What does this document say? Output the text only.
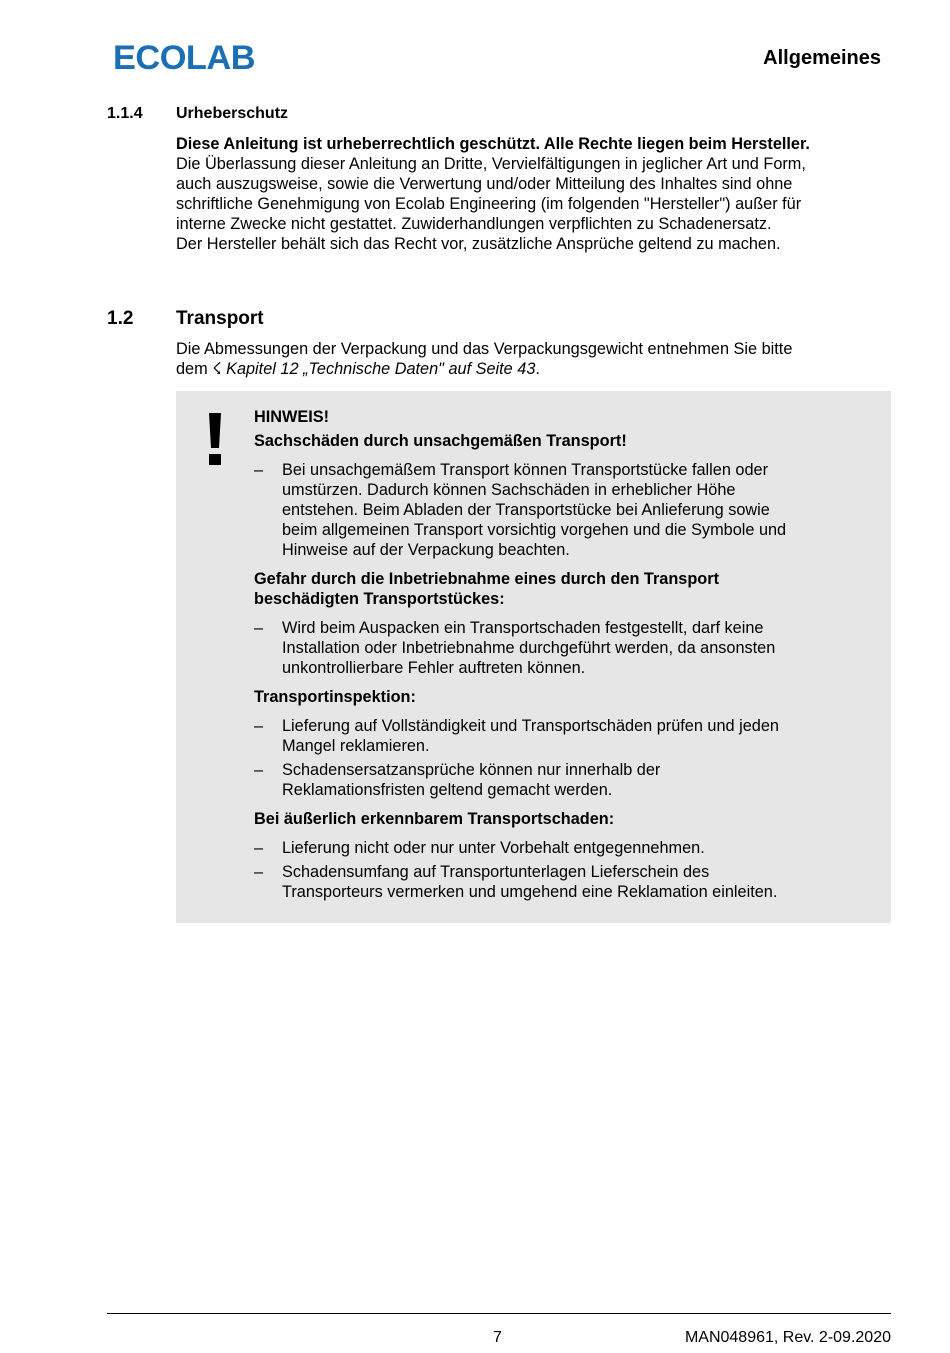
ECOLAB	Allgemeines
1.1.4 Urheberschutz
Diese Anleitung ist urheberrechtlich geschützt. Alle Rechte liegen beim Hersteller.
Die Überlassung dieser Anleitung an Dritte, Vervielfältigungen in jeglicher Art und Form,
auch auszugsweise, sowie die Verwertung und/oder Mitteilung des Inhaltes sind ohne
schriftliche Genehmigung von Ecolab Engineering (im folgenden "Hersteller") außer für
interne Zwecke nicht gestattet. Zuwiderhandlungen verpflichten zu Schadenersatz.
Der Hersteller behält sich das Recht vor, zusätzliche Ansprüche geltend zu machen.
1.2 Transport
Die Abmessungen der Verpackung und das Verpackungsgewicht entnehmen Sie bitte
dem ☇ Kapitel 12 „Technische Daten" auf Seite 43.
HINWEIS!
Sachschäden durch unsachgemäßen Transport!
– Bei unsachgemäßem Transport können Transportstücke fallen oder
umstürzen. Dadurch können Sachschäden in erheblicher Höhe
entstehen. Beim Abladen der Transportstücke bei Anlieferung sowie
beim allgemeinen Transport vorsichtig vorgehen und die Symbole und
Hinweise auf der Verpackung beachten.
Gefahr durch die Inbetriebnahme eines durch den Transport
beschädigten Transportstückes:
– Wird beim Auspacken ein Transportschaden festgestellt, darf keine
Installation oder Inbetriebnahme durchgeführt werden, da ansonsten
unkontrollierbare Fehler auftreten können.
Transportinspektion:
– Lieferung auf Vollständigkeit und Transportschäden prüfen und jeden
Mangel reklamieren.
– Schadensersatzansprüche können nur innerhalb der
Reklamationsfristen geltend gemacht werden.
Bei äußerlich erkennbarem Transportschaden:
– Lieferung nicht oder nur unter Vorbehalt entgegennehmen.
– Schadensumfang auf Transportunterlagen Lieferschein des
Transporteurs vermerken und umgehend eine Reklamation einleiten.
7	MAN048961, Rev. 2-09.2020
